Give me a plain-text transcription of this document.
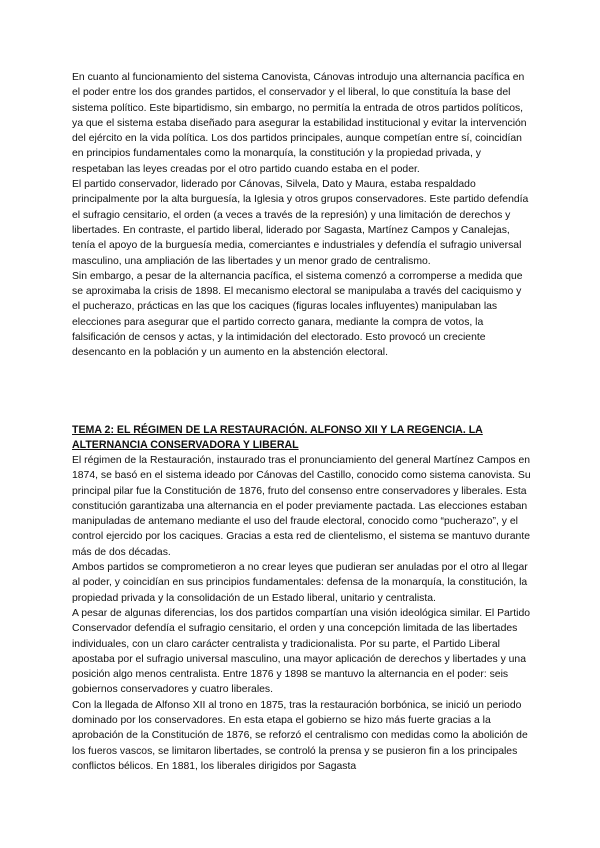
En cuanto al funcionamiento del sistema Canovista, Cánovas introdujo una alternancia pacífica en el poder entre los dos grandes partidos, el conservador y el liberal, lo que constituía la base del sistema político. Este bipartidismo, sin embargo, no permitía la entrada de otros partidos políticos, ya que el sistema estaba diseñado para asegurar la estabilidad institucional y evitar la intervención del ejército en la vida política. Los dos partidos principales, aunque competían entre sí, coincidían en principios fundamentales como la monarquía, la constitución y la propiedad privada, y respetaban las leyes creadas por el otro partido cuando estaba en el poder.

El partido conservador, liderado por Cánovas, Silvela, Dato y Maura, estaba respaldado principalmente por la alta burguesía, la Iglesia y otros grupos conservadores. Este partido defendía el sufragio censitario, el orden (a veces a través de la represión) y una limitación de derechos y libertades. En contraste, el partido liberal, liderado por Sagasta, Martínez Campos y Canalejas, tenía el apoyo de la burguesía media, comerciantes e industriales y defendía el sufragio universal masculino, una ampliación de las libertades y un menor grado de centralismo.

Sin embargo, a pesar de la alternancia pacífica, el sistema comenzó a corromperse a medida que se aproximaba la crisis de 1898. El mecanismo electoral se manipulaba a través del caciquismo y el pucherazo, prácticas en las que los caciques (figuras locales influyentes) manipulaban las elecciones para asegurar que el partido correcto ganara, mediante la compra de votos, la falsificación de censos y actas, y la intimidación del electorado. Esto provocó un creciente desencanto en la población y un aumento en la abstención electoral.

TEMA 2: EL RÉGIMEN DE LA RESTAURACIÓN. ALFONSO XII Y LA REGENCIA. LA ALTERNANCIA CONSERVADORA Y LIBERAL

El régimen de la Restauración, instaurado tras el pronunciamiento del general Martínez Campos en 1874, se basó en el sistema ideado por Cánovas del Castillo, conocido como sistema canovista. Su principal pilar fue la Constitución de 1876, fruto del consenso entre conservadores y liberales. Esta constitución garantizaba una alternancia en el poder previamente pactada. Las elecciones estaban manipuladas de antemano mediante el uso del fraude electoral, conocido como “pucherazo”, y el control ejercido por los caciques. Gracias a esta red de clientelismo, el sistema se mantuvo durante más de dos décadas.

Ambos partidos se comprometieron a no crear leyes que pudieran ser anuladas por el otro al llegar al poder, y coincidían en sus principios fundamentales: defensa de la monarquía, la constitución, la propiedad privada y la consolidación de un Estado liberal, unitario y centralista.

A pesar de algunas diferencias, los dos partidos compartían una visión ideológica similar. El Partido Conservador defendía el sufragio censitario, el orden y una concepción limitada de las libertades individuales, con un claro carácter centralista y tradicionalista. Por su parte, el Partido Liberal apostaba por el sufragio universal masculino, una mayor aplicación de derechos y libertades y una posición algo menos centralista. Entre 1876 y 1898 se mantuvo la alternancia en el poder: seis gobiernos conservadores y cuatro liberales.

Con la llegada de Alfonso XII al trono en 1875, tras la restauración borbónica, se inició un periodo dominado por los conservadores. En esta etapa el gobierno se hizo más fuerte gracias a la aprobación de la Constitución de 1876, se reforzó el centralismo con medidas como la abolición de los fueros vascos, se limitaron libertades, se controló la prensa y se pusieron fin a los principales conflictos bélicos. En 1881, los liberales dirigidos por Sagasta
